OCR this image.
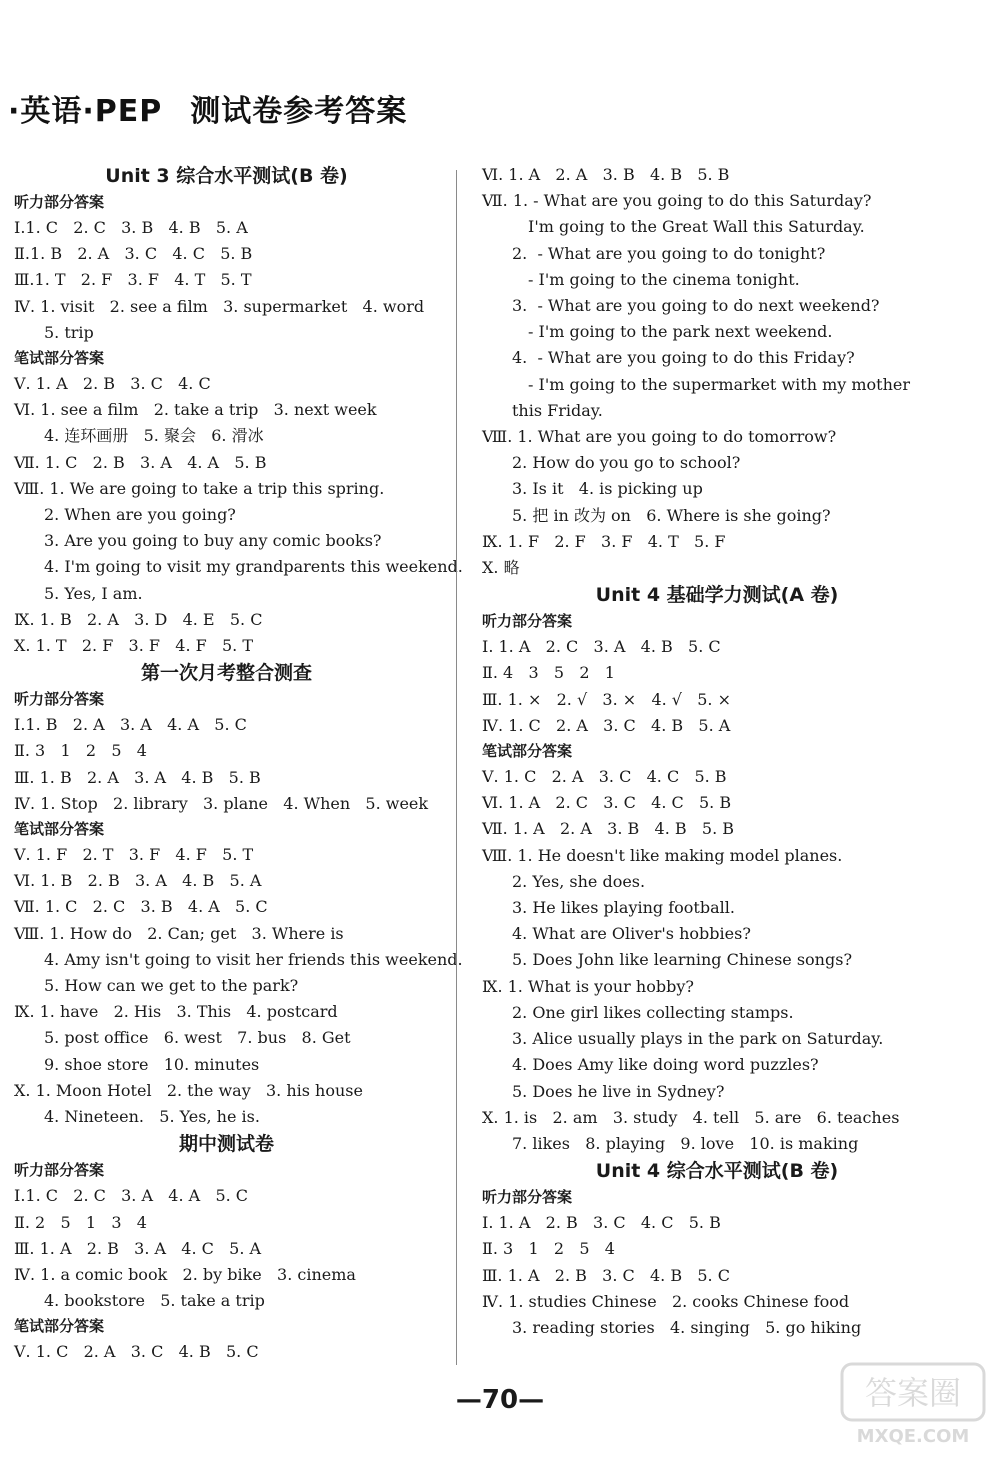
·英语·PEP 测试卷参考答案
Unit 3 综合水平测试(B 卷)
听力部分答案
Ⅰ.1. C   2. C   3. B   4. B   5. A
Ⅱ.1. B   2. A   3. C   4. C   5. B
Ⅲ.1. T   2. F   3. F   4. T   5. T
Ⅳ. 1. visit   2. see a film   3. supermarket   4. word
5. trip
笔试部分答案
Ⅴ. 1. A   2. B   3. C   4. C
Ⅵ. 1. see a film   2. take a trip   3. next week
4. 连环画册   5. 聚会   6. 滑冰
Ⅶ. 1. C   2. B   3. A   4. A   5. B
Ⅷ. 1. We are going to take a trip this spring.
2. When are you going?
3. Are you going to buy any comic books?
4. I'm going to visit my grandparents this weekend.
5. Yes, I am.
Ⅸ. 1. B   2. A   3. D   4. E   5. C
Ⅹ. 1. T   2. F   3. F   4. F   5. T
第一次月考整合测查
听力部分答案
Ⅰ.1. B   2. A   3. A   4. A   5. C
Ⅱ. 3   1   2   5   4
Ⅲ. 1. B   2. A   3. A   4. B   5. B
Ⅳ. 1. Stop   2. library   3. plane   4. When   5. week
笔试部分答案
Ⅴ. 1. F   2. T   3. F   4. F   5. T
Ⅵ. 1. B   2. B   3. A   4. B   5. A
Ⅶ. 1. C   2. C   3. B   4. A   5. C
Ⅷ. 1. How do   2. Can; get   3. Where is
4. Amy isn't going to visit her friends this weekend.
5. How can we get to the park?
Ⅸ. 1. have   2. His   3. This   4. postcard
5. post office   6. west   7. bus   8. Get
9. shoe store   10. minutes
Ⅹ. 1. Moon Hotel   2. the way   3. his house
4. Nineteen.   5. Yes, he is.
期中测试卷
听力部分答案
Ⅰ.1. C   2. C   3. A   4. A   5. C
Ⅱ. 2   5   1   3   4
Ⅲ. 1. A   2. B   3. A   4. C   5. A
Ⅳ. 1. a comic book   2. by bike   3. cinema
4. bookstore   5. take a trip
笔试部分答案
Ⅴ. 1. C   2. A   3. C   4. B   5. C
Ⅵ. 1. A   2. A   3. B   4. B   5. B
Ⅶ. 1. - What are you going to do this Saturday?
I'm going to the Great Wall this Saturday.
2.  - What are you going to do tonight?
- I'm going to the cinema tonight.
3.  - What are you going to do next weekend?
- I'm going to the park next weekend.
4.  - What are you going to do this Friday?
- I'm going to the supermarket with my mother
this Friday.
Ⅷ. 1. What are you going to do tomorrow?
2. How do you go to school?
3. Is it   4. is picking up
5. 把 in 改为 on   6. Where is she going?
Ⅸ. 1. F   2. F   3. F   4. T   5. F
Ⅹ. 略
Unit 4 基础学力测试(A 卷)
听力部分答案
Ⅰ. 1. A   2. C   3. A   4. B   5. C
Ⅱ. 4   3   5   2   1
Ⅲ. 1. ×   2. √   3. ×   4. √   5. ×
Ⅳ. 1. C   2. A   3. C   4. B   5. A
笔试部分答案
Ⅴ. 1. C   2. A   3. C   4. C   5. B
Ⅵ. 1. A   2. C   3. C   4. C   5. B
Ⅶ. 1. A   2. A   3. B   4. B   5. B
Ⅷ. 1. He doesn't like making model planes.
2. Yes, she does.
3. He likes playing football.
4. What are Oliver's hobbies?
5. Does John like learning Chinese songs?
Ⅸ. 1. What is your hobby?
2. One girl likes collecting stamps.
3. Alice usually plays in the park on Saturday.
4. Does Amy like doing word puzzles?
5. Does he live in Sydney?
Ⅹ. 1. is   2. am   3. study   4. tell   5. are   6. teaches
7. likes   8. playing   9. love   10. is making
Unit 4 综合水平测试(B 卷)
听力部分答案
Ⅰ. 1. A   2. B   3. C   4. C   5. B
Ⅱ. 3   1   2   5   4
Ⅲ. 1. A   2. B   3. C   4. B   5. C
Ⅳ. 1. studies Chinese   2. cooks Chinese food
3. reading stories   4. singing   5. go hiking
—70—	答案圈
MXQE.COM
